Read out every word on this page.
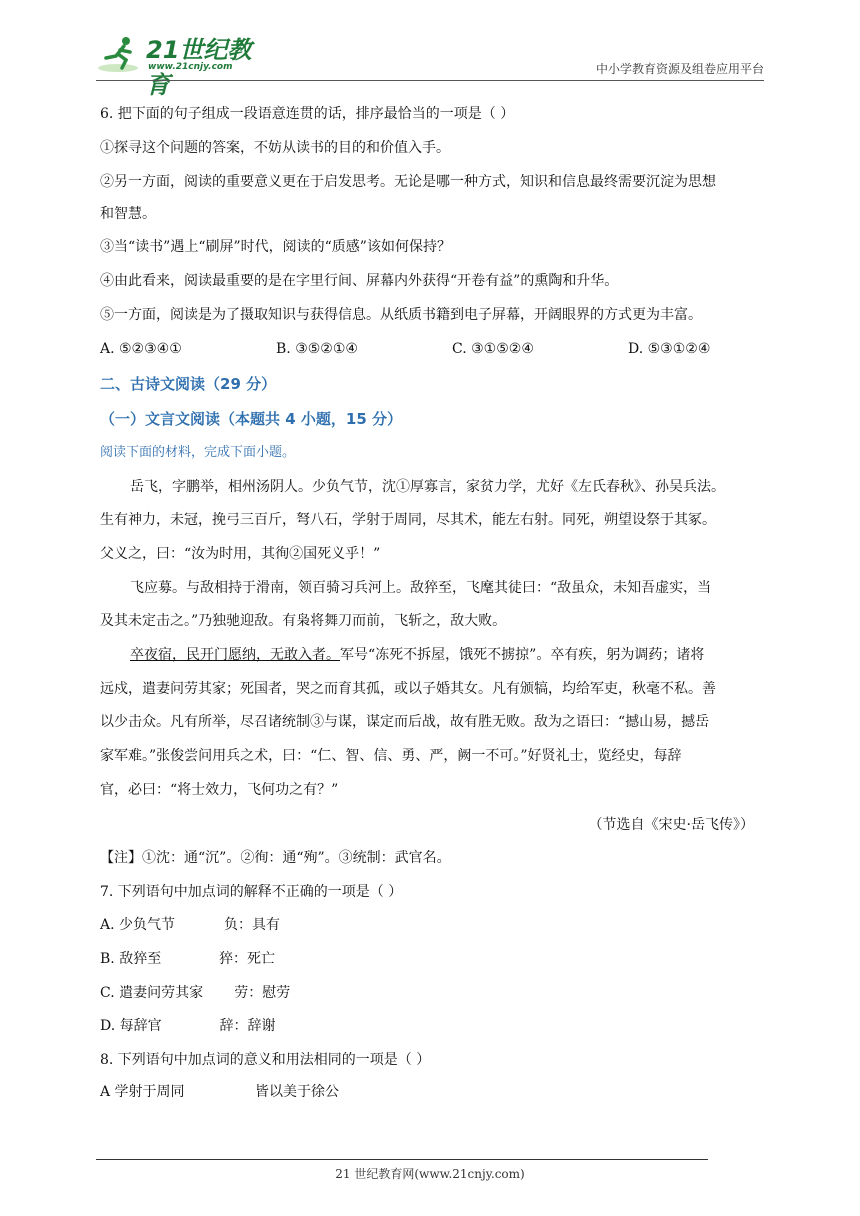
21世纪教育
www.21cnjy.com	中小学教育资源及组卷应用平台
6. 把下面的句子组成一段语意连贯的话，排序最恰当的一项是（ ）
①探寻这个问题的答案，不妨从读书的目的和价值入手。
②另一方面，阅读的重要意义更在于启发思考。无论是哪一种方式，知识和信息最终需要沉淀为思想
和智慧。
③当“读书”遇上“刷屏”时代，阅读的“质感”该如何保持？
④由此看来，阅读最重要的是在字里行间、屏幕内外获得“开卷有益”的熏陶和升华。
⑤一方面，阅读是为了摄取知识与获得信息。从纸质书籍到电子屏幕，开阔眼界的方式更为丰富。
A. ⑤②③④①	B. ③⑤②①④	C. ③①⑤②④	D. ⑤③①②④
二、古诗文阅读（29 分）
（一）文言文阅读（本题共 4 小题，15 分）
阅读下面的材料，完成下面小题。
岳飞，字鹏举，相州汤阴人。少负气节，沈①厚寡言，家贫力学，尤好《左氏春秋》、孙吴兵法。
生有神力，未冠，挽弓三百斤，弩八石，学射于周同，尽其术，能左右射。同死，朔望设祭于其冢。
父义之，曰：“汝为时用，其徇②国死义乎！”
飞应募。与敌相持于滑南，领百骑习兵河上。敌猝至，飞麾其徒曰：“敌虽众，未知吾虚实，当
及其未定击之。”乃独驰迎敌。有枭将舞刀而前，飞斩之，敌大败。
卒夜宿，民开门愿纳，无敢入者。军号“冻死不拆屋，饿死不掳掠”。卒有疾，躬为调药；诸将
远戍，遣妻问劳其家；死国者，哭之而育其孤，或以子婚其女。凡有颁犒，均给军吏，秋毫不私。善
以少击众。凡有所举，尽召诸统制③与谋，谋定而后战，故有胜无败。敌为之语曰：“撼山易，撼岳
家军难。”张俊尝问用兵之术，曰：“仁、智、信、勇、严，阙一不可。”好贤礼士，览经史，每辞
官，必曰：“将士效力，飞何功之有？”
（节选自《宋史·岳飞传》）
【注】①沈：通“沉”。②徇：通“殉”。③统制：武官名。
7. 下列语句中加点词的解释不正确的一项是（ ）
A. 少负气节           负：具有
B. 敌猝至             猝：死亡
C. 遣妻问劳其家       劳：慰劳
D. 每辞官             辞：辞谢
8. 下列语句中加点词的意义和用法相同的一项是（ ）
A 学射于周同	皆以美于徐公
21 世纪教育网(www.21cnjy.com)
